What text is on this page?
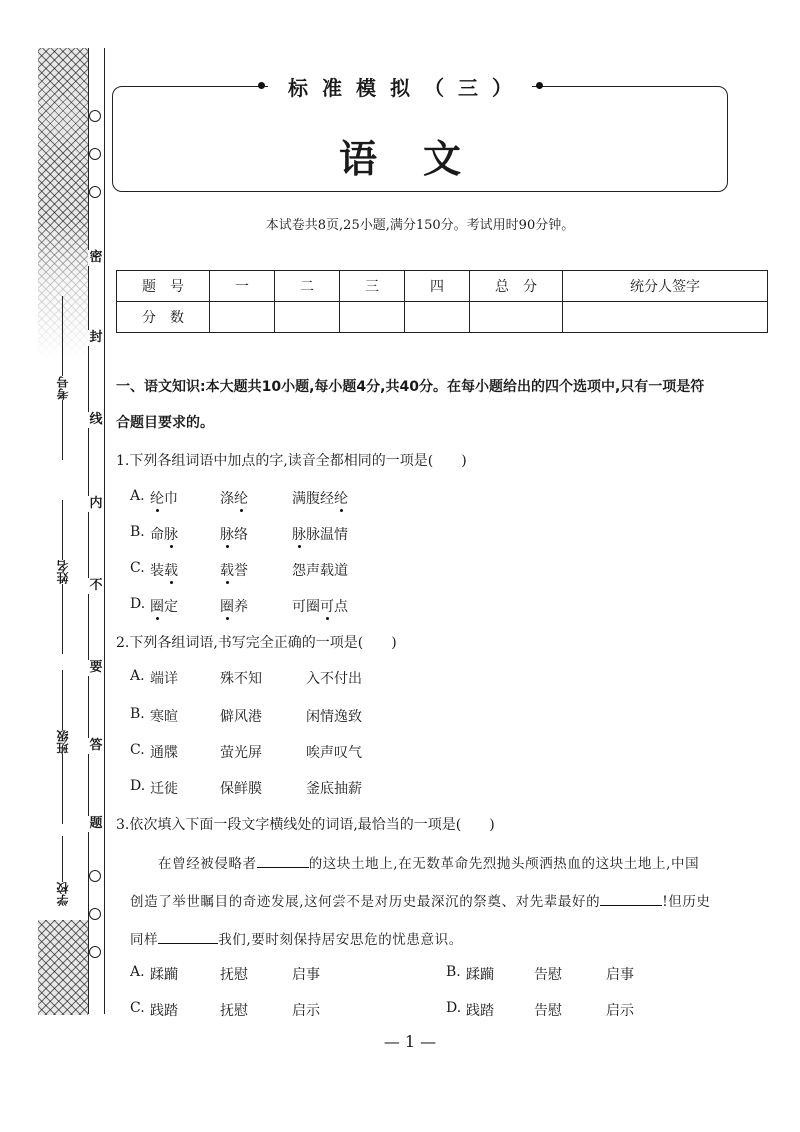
密
封
线
内
不
要
答
题
考号
姓名
班级
学校
标准模拟（三）
语文
本试卷共8页,25小题,满分150分。考试用时90分钟。
题　号	一	二	三	四	总　分	统分人签字
分　数						
一、语文知识:本大题共10小题,每小题4分,共40分。在每小题给出的四个选项中,只有一项是符
合题目要求的。
1.下列各组词语中加点的字,读音全都相同的一项是(　　)
A. 纶巾	涤纶	满腹经纶
B. 命脉	脉络	脉脉温情
C. 装载	载誉	怨声载道
D. 圈定	圈养	可圈可点
2.下列各组词语,书写完全正确的一项是(　　)
A. 端详	殊不知	入不付出
B. 寒暄	僻风港	闲情逸致
C. 通牒	萤光屏	唉声叹气
D. 迁徙	保鲜膜	釜底抽薪
3.依次填入下面一段文字横线处的词语,最恰当的一项是(　　)
在曾经被侵略者	的这块土地上,在无数革命先烈抛头颅洒热血的这块土地上,中国
创造了举世瞩目的奇迹发展,这何尝不是对历史最深沉的祭奠、对先辈最好的	!但历史
同样	我们,要时刻保持居安思危的忧患意识。
A. 蹂躏	抚慰	启事	B. 蹂躏	告慰	启事
C. 践踏	抚慰	启示	D. 践踏	告慰	启示
— 1 —
